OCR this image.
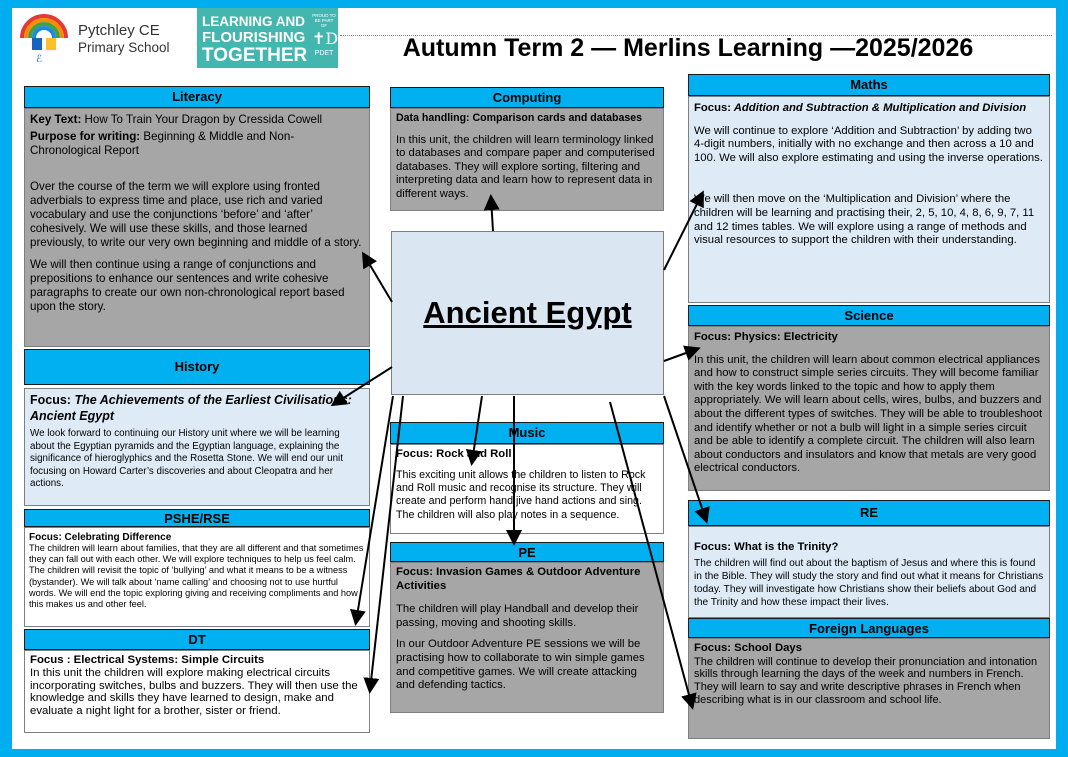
ℰ
Pytchley CE
Primary School
LEARNING AND
FLOURISHING
TOGETHER
PROUD TO
BE PART OF
✝D
PDET	Autumn Term 2 — Merlins Learning —2025/2026
Literacy
Key Text: How To Train Your Dragon by Cressida Cowell
Purpose for writing: Beginning & Middle and Non-Chronological Report

Over the course of the term we will explore using fronted adverbials to express time and place, use rich and varied vocabulary and use the conjunctions ‘before’ and ‘after’ cohesively. We will use these skills, and those learned previously, to write our very own beginning and middle of a story.

We will then continue using a range of conjunctions and prepositions to enhance our sentences and write cohesive paragraphs to create our own non-chronological report based upon the story.

History
Focus: The Achievements of the Earliest Civilisations: Ancient Egypt
We look forward to continuing our History unit where we will be learning about the Egyptian pyramids and the Egyptian language, explaining the significance of hieroglyphics and the Rosetta Stone. We will end our unit focusing on Howard Carter’s discoveries and about Cleopatra and her actions.
PSHE/RSE
Focus: Celebrating Difference
The children will learn about families, that they are all different and that sometimes they can fall out with each other. We will explore techniques to help us feel calm. The children will revisit the topic of ‘bullying’ and what it means to be a witness (bystander). We will talk about ‘name calling’ and choosing not to use hurtful words. We will end the topic exploring giving and receiving compliments and how this makes us and other feel.
DT
Focus : Electrical Systems: Simple Circuits
In this unit the children will explore making electrical circuits incorporating switches, bulbs and buzzers. They will then use the knowledge and skills they have learned to design, make and evaluate a night light for a brother, sister or friend.
Computing
Data handling: Comparison cards and databases
In this unit, the children will learn terminology linked to databases and compare paper and computerised databases. They will explore sorting, filtering and interpreting data and learn how to represent data in different ways.
Ancient Egypt
Music
Focus: Rock and Roll
This exciting unit allows the children to listen to Rock and Roll music and recognise its structure. They will create and perform hand jive hand actions and sing. The children will also play notes in a sequence.
PE

Focus: Invasion Games & Outdoor Adventure Activities

The children will play Handball and develop their passing, moving and shooting skills.

In our Outdoor Adventure PE sessions we will be practising how to collaborate to win simple games and competitive games. We will create attacking and defending tactics.

Maths

Focus: Addition and Subtraction & Multiplication and Division

We will continue to explore ‘Addition and Subtraction’ by adding two 4-digit numbers, initially with no exchange and then across a 10 and 100. We will also explore estimating and using the inverse operations.

We will then move on the ‘Multiplication and Division’ where the children will be learning and practising their, 2, 5, 10, 4, 8, 6, 9, 7, 11 and 12 times tables. We will explore using a range of methods and visual resources to support the children with their understanding.

Science

Focus: Physics: Electricity

In this unit, the children will learn about common electrical appliances and how to construct simple series circuits. They will become familiar with the key words linked to the topic and how to apply them appropriately. We will learn about cells, wires, bulbs, and buzzers and about the different types of switches. They will be able to troubleshoot and identify whether or not a bulb will light in a simple series circuit and be able to identify a complete circuit. The children will also learn about conductors and insulators and know that metals are very good electrical conductors.

RE
Focus: What is the Trinity?
The children will find out about the baptism of Jesus and where this is found in the Bible. They will study the story and find out what it means for Christians today. They will investigate how Christians show their beliefs about God and the Trinity and how these impact their lives.
Foreign Languages
Focus: School Days
The children will continue to develop their pronunciation and intonation skills through learning the days of the week and numbers in French. They will learn to say and write descriptive phrases in French when describing what is in our classroom and school life.
